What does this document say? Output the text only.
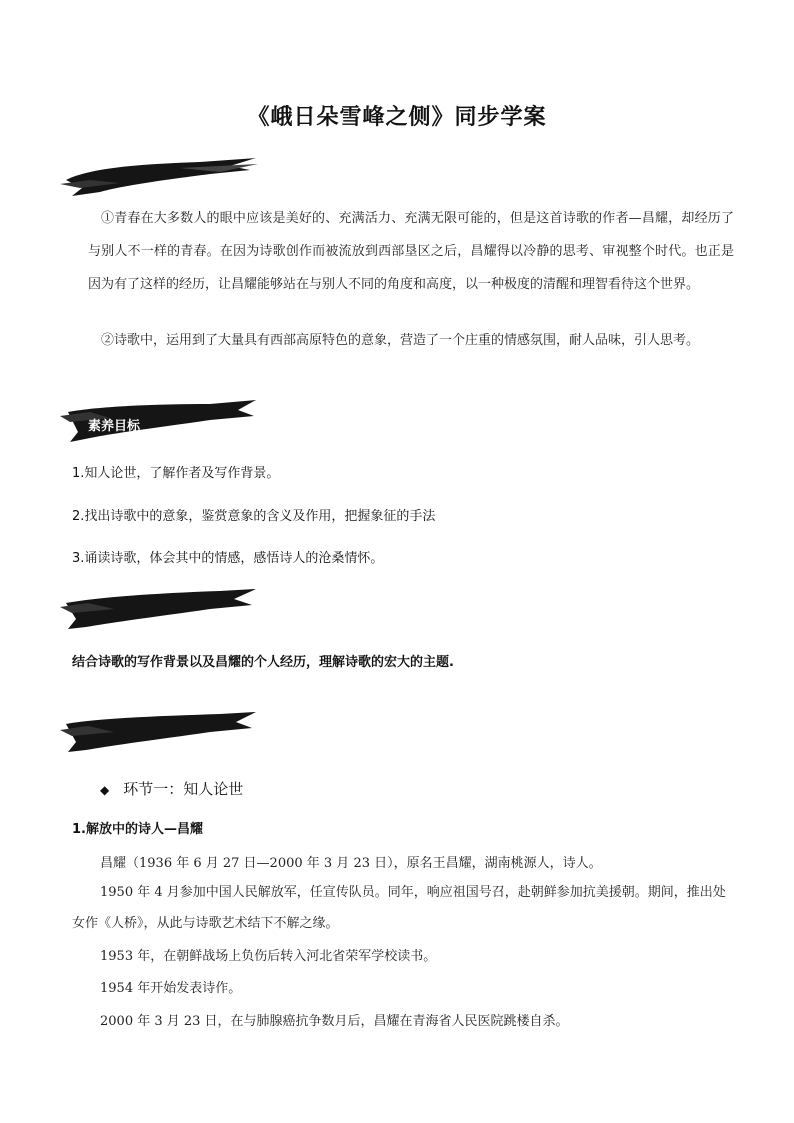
《峨日朵雪峰之侧》同步学案

①青春在大多数人的眼中应该是美好的、充满活力、充满无限可能的，但是这首诗歌的作者—昌耀，却经历了与别人不一样的青春。在因为诗歌创作而被流放到西部垦区之后，昌耀得以冷静的思考、审视整个时代。也正是因为有了这样的经历，让昌耀能够站在与别人不同的角度和高度，以一种极度的清醒和理智看待这个世界。

②诗歌中，运用到了大量具有西部高原特色的意象，营造了一个庄重的情感氛围，耐人品味，引人思考。

素养目标
1.知人论世，了解作者及写作背景。
2.找出诗歌中的意象，鉴赏意象的含义及作用，把握象征的手法
3.诵读诗歌，体会其中的情感，感悟诗人的沧桑情怀。
结合诗歌的写作背景以及昌耀的个人经历，理解诗歌的宏大的主题.
◆ 环节一：知人论世
1.解放中的诗人—昌耀
昌耀（1936 年 6 月 27 日—2000 年 3 月 23 日），原名王昌耀，湖南桃源人，诗人。

1950 年 4 月参加中国人民解放军，任宣传队员。同年，响应祖国号召，赴朝鲜参加抗美援朝。期间，推出处女作《人桥》，从此与诗歌艺术结下不解之缘。

1953 年，在朝鲜战场上负伤后转入河北省荣军学校读书。
1954 年开始发表诗作。
2000 年 3 月 23 日，在与肺腺癌抗争数月后，昌耀在青海省人民医院跳楼自杀。
